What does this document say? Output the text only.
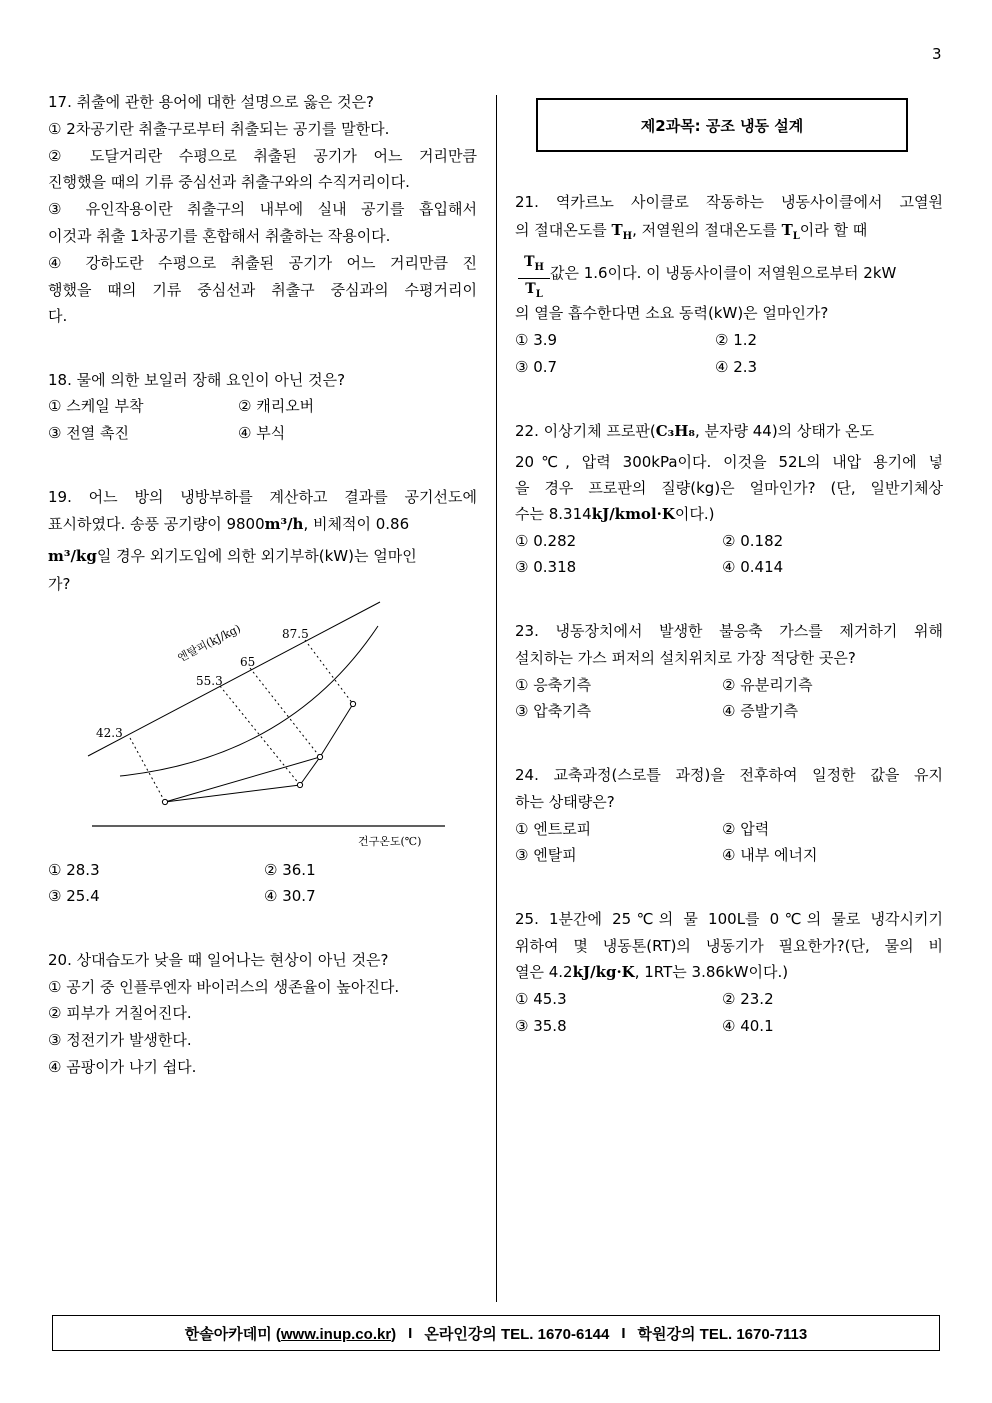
3
17. 취출에 관한 용어에 대한 설명으로 옳은 것은?
① 2차공기란 취출구로부터 취출되는 공기를 말한다.
② 도달거리란 수평으로 취출된 공기가 어느 거리만큼
진행했을 때의 기류 중심선과 취출구와의 수직거리이다.
③ 유인작용이란 취출구의 내부에 실내 공기를 흡입해서
이것과 취출 1차공기를 혼합해서 취출하는 작용이다.
④ 강하도란 수평으로 취출된 공기가 어느 거리만큼 진
행했을 때의 기류 중심선과 취출구 중심과의 수평거리이
다.
18. 물에 의한 보일러 장해 요인이 아닌 것은?
① 스케일 부착	② 캐리오버
③ 전열 촉진	④ 부식
19. 어느 방의 냉방부하를 계산하고 결과를 공기선도에
표시하였다. 송풍 공기량이 9800m³/h, 비체적이 0.86
m³/kg일 경우 외기도입에 의한 외기부하(kW)는 얼마인
가?
엔탈피(kJ/kg)
42.3
55.3
65
87.5
건구온도(℃)
① 28.3	② 36.1
③ 25.4	④ 30.7
20. 상대습도가 낮을 때 일어나는 현상이 아닌 것은?
① 공기 중 인플루엔자 바이러스의 생존율이 높아진다.
② 피부가 거칠어진다.
③ 정전기가 발생한다.
④ 곰팡이가 나기 쉽다.
제2과목: 공조 냉동 설계
21. 역카르노 사이클로 작동하는 냉동사이클에서 고열원
의 절대온도를 $T_H$, 저열원의 절대온도를 $T_L$이라 할 때
$\frac{T_H}{T_L}$ 값은 1.6이다. 이 냉동사이클이 저열원으로부터 2kW
의 열을 흡수한다면 소요 동력(kW)은 얼마인가?
① 3.9	② 1.2
③ 0.7	④ 2.3
22. 이상기체 프로판(C₃H₈, 분자량 44)의 상태가 온도
20℃, 압력 300kPa이다. 이것을 52L의 내압 용기에 넣
을 경우 프로판의 질량(kg)은 얼마인가? (단, 일반기체상
수는 8.314kJ/kmol·K이다.)
① 0.282	② 0.182
③ 0.318	④ 0.414
23. 냉동장치에서 발생한 불응축 가스를 제거하기 위해
설치하는 가스 퍼저의 설치위치로 가장 적당한 곳은?
① 응축기측	② 유분리기측
③ 압축기측	④ 증발기측
24. 교축과정(스로틀 과정)을 전후하여 일정한 값을 유지
하는 상태량은?
① 엔트로피	② 압력
③ 엔탈피	④ 내부 에너지
25. 1분간에 25℃의 물 100L를 0℃의 물로 냉각시키기
위하여 몇 냉동톤(RT)의 냉동기가 필요한가?(단, 물의 비
열은 4.2kJ/kg·K, 1RT는 3.86kW이다.)
① 45.3	② 23.2
③ 35.8	④ 40.1
한솔아카데미 (www.inup.co.kr) I 온라인강의 TEL. 1670-6144 I 학원강의 TEL. 1670-7113
